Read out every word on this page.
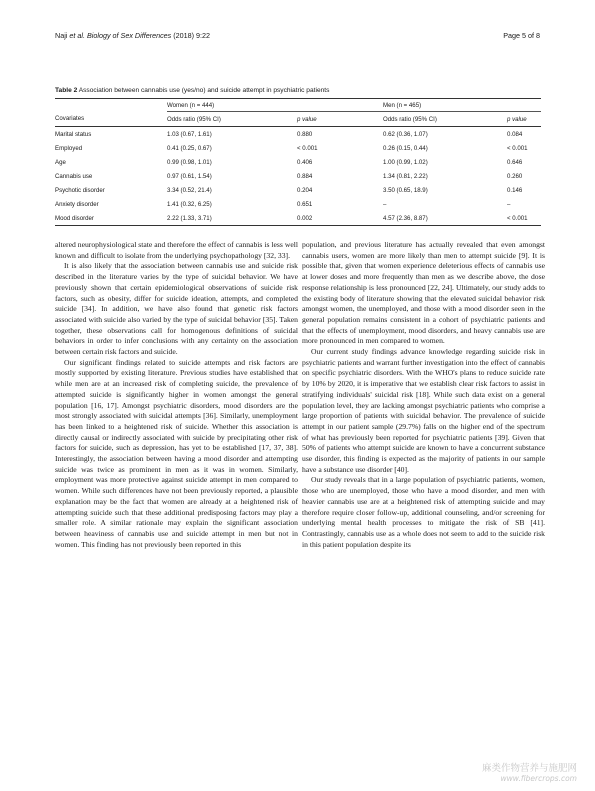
Naji et al. Biology of Sex Differences (2018) 9:22	Page 5 of 8
Table 2 Association between cannabis use (yes/no) and suicide attempt in psychiatric patients
	Women (n = 444)		Men (n = 465)	
Covariates	Odds ratio (95% CI)	p value	Odds ratio (95% CI)	p value
Marital status	1.03 (0.67, 1.61)	0.880	0.62 (0.36, 1.07)	0.084
Employed	0.41 (0.25, 0.67)	< 0.001	0.26 (0.15, 0.44)	< 0.001
Age	0.99 (0.98, 1.01)	0.406	1.00 (0.99, 1.02)	0.646
Cannabis use	0.97 (0.61, 1.54)	0.884	1.34 (0.81, 2.22)	0.260
Psychotic disorder	3.34 (0.52, 21.4)	0.204	3.50 (0.65, 18.9)	0.146
Anxiety disorder	1.41 (0.32, 6.25)	0.651	–	–
Mood disorder	2.22 (1.33, 3.71)	0.002	4.57 (2.36, 8.87)	< 0.001

altered neurophysiological state and therefore the effect of cannabis is less well known and difficult to isolate from the underlying psychopathology [32, 33].

It is also likely that the association between cannabis use and suicide risk described in the literature varies by the type of suicidal behavior. We have previously shown that certain epidemiological observations of suicide risk factors, such as obesity, differ for suicide ideation, attempts, and completed suicide [34]. In addition, we have also found that genetic risk factors associated with suicide also varied by the type of suicidal behavior [35]. Taken together, these observations call for homogenous definitions of suicidal behaviors in order to infer conclusions with any certainty on the association between certain risk factors and suicide.

Our significant findings related to suicide attempts and risk factors are mostly supported by existing literature. Previous studies have established that while men are at an increased risk of completing suicide, the prevalence of attempted suicide is significantly higher in women amongst the general population [16, 17]. Amongst psychiatric disorders, mood disorders are the most strongly associated with suicidal attempts [36]. Similarly, unemployment has been linked to a heightened risk of suicide. Whether this association is directly causal or indirectly associated with suicide by precipitating other risk factors for suicide, such as depression, has yet to be established [17, 37, 38]. Interestingly, the association between having a mood disorder and attempting suicide was twice as prominent in men as it was in women. Similarly, employment was more protective against suicide attempt in men compared to women. While such differences have not been previously reported, a plausible explanation may be the fact that women are already at a heightened risk of attempting suicide such that these additional predisposing factors may play a smaller role. A similar rationale may explain the significant association between heaviness of cannabis use and suicide attempt in men but not in women. This finding has not previously been reported in this

population, and previous literature has actually revealed that even amongst cannabis users, women are more likely than men to attempt suicide [9]. It is possible that, given that women experience deleterious effects of cannabis use at lower doses and more frequently than men as we describe above, the dose response relationship is less pronounced [22, 24]. Ultimately, our study adds to the existing body of literature showing that the elevated suicidal behavior risk amongst women, the unemployed, and those with a mood disorder seen in the general population remains consistent in a cohort of psychiatric patients and that the effects of unemployment, mood disorders, and heavy cannabis use are more pronounced in men compared to women.

Our current study findings advance knowledge regarding suicide risk in psychiatric patients and warrant further investigation into the effect of cannabis on specific psychiatric disorders. With the WHO's plans to reduce suicide rate by 10% by 2020, it is imperative that we establish clear risk factors to assist in stratifying individuals' suicidal risk [18]. While such data exist on a general population level, they are lacking amongst psychiatric patients who comprise a large proportion of patients with suicidal behavior. The prevalence of suicide attempt in our patient sample (29.7%) falls on the higher end of the spectrum of what has previously been reported for psychiatric patients [39]. Given that 50% of patients who attempt suicide are known to have a concurrent substance use disorder, this finding is expected as the majority of patients in our sample have a substance use disorder [40].

Our study reveals that in a large population of psychiatric patients, women, those who are unemployed, those who have a mood disorder, and men with heavier cannabis use are at a heightened risk of attempting suicide and may therefore require closer follow-up, additional counseling, and/or screening for underlying mental health processes to mitigate the risk of SB [41]. Contrastingly, cannabis use as a whole does not seem to add to the suicide risk in this patient population despite its

麻类作物营养与施肥网
www.fibercrops.com
